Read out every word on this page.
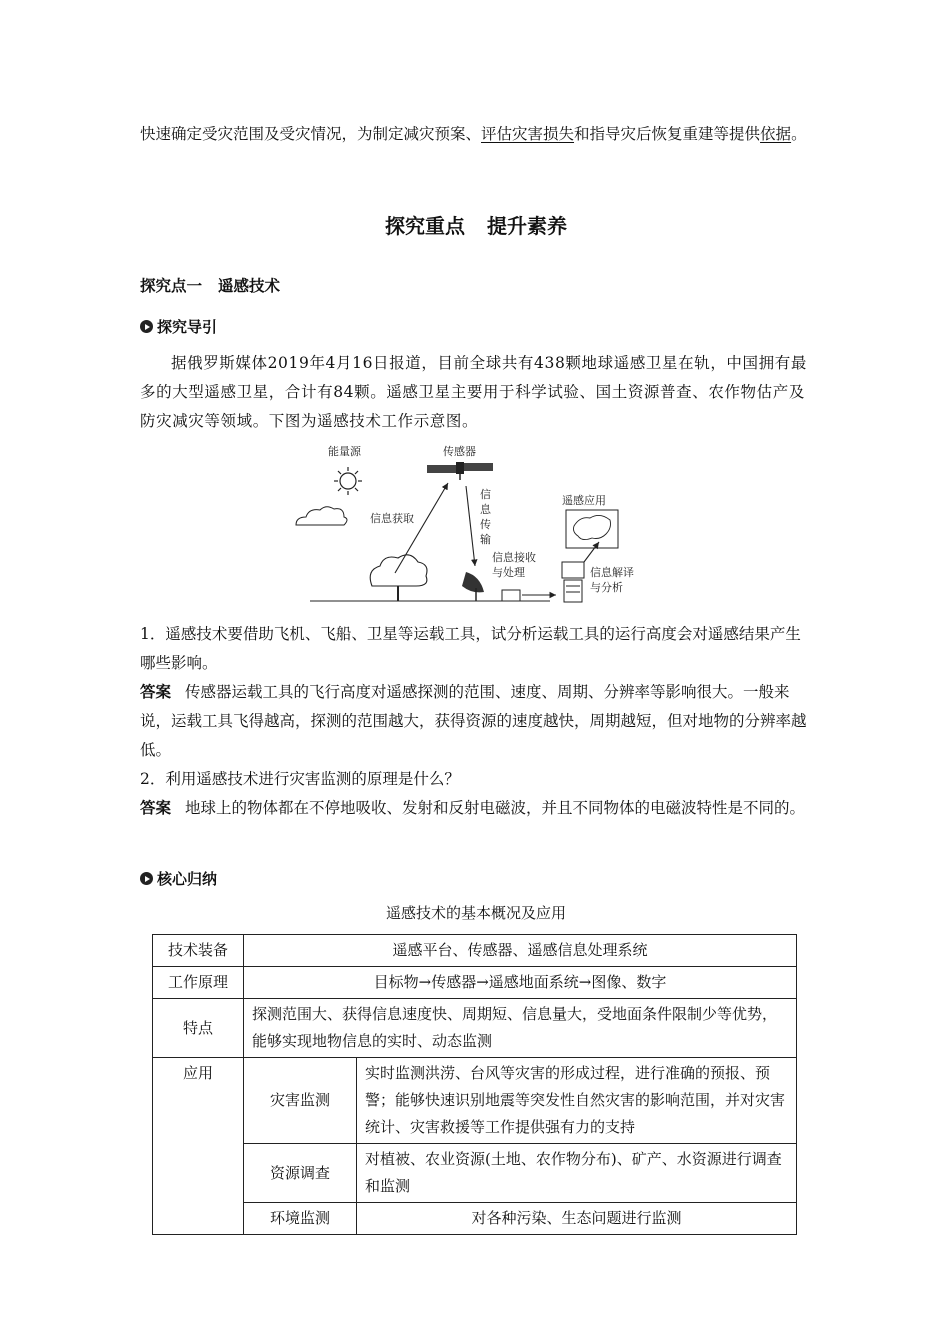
快速确定受灾范围及受灾情况，为制定减灾预案、评估灾害损失和指导灾后恢复重建等提供依据。

探究重点 提升素养
探究点一 遥感技术
探究导引

据俄罗斯媒体2019年4月16日报道，目前全球共有438颗地球遥感卫星在轨，中国拥有最多的大型遥感卫星，合计有84颗。遥感卫星主要用于科学试验、国土资源普查、农作物估产及防灾减灾等领域。下图为遥感技术工作示意图。

能量源	传感器
信息获取
信
息
传
输
信息接收
与处理	信息解译
与分析
遥感应用

1．遥感技术要借助飞机、飞船、卫星等运载工具，试分析运载工具的运行高度会对遥感结果产生哪些影响。

答案 传感器运载工具的飞行高度对遥感探测的范围、速度、周期、分辨率等影响很大。一般来说，运载工具飞得越高，探测的范围越大，获得资源的速度越快，周期越短，但对地物的分辨率越低。

2．利用遥感技术进行灾害监测的原理是什么？

答案 地球上的物体都在不停地吸收、发射和反射电磁波，并且不同物体的电磁波特性是不同的。

核心归纳
遥感技术的基本概况及应用
技术装备	遥感平台、传感器、遥感信息处理系统	
工作原理	目标物→传感器→遥感地面系统→图像、数字	
特点	探测范围大、获得信息速度快、周期短、信息量大，受地面条件限制少等优势，能够实现地物信息的实时、动态监测	
应用	灾害监测	实时监测洪涝、台风等灾害的形成过程，进行准确的预报、预警；能够快速识别地震等突发性自然灾害的影响范围，并对灾害统计、灾害救援等工作提供强有力的支持
	资源调查	对植被、农业资源(土地、农作物分布)、矿产、水资源进行调查和监测
	环境监测	对各种污染、生态问题进行监测
